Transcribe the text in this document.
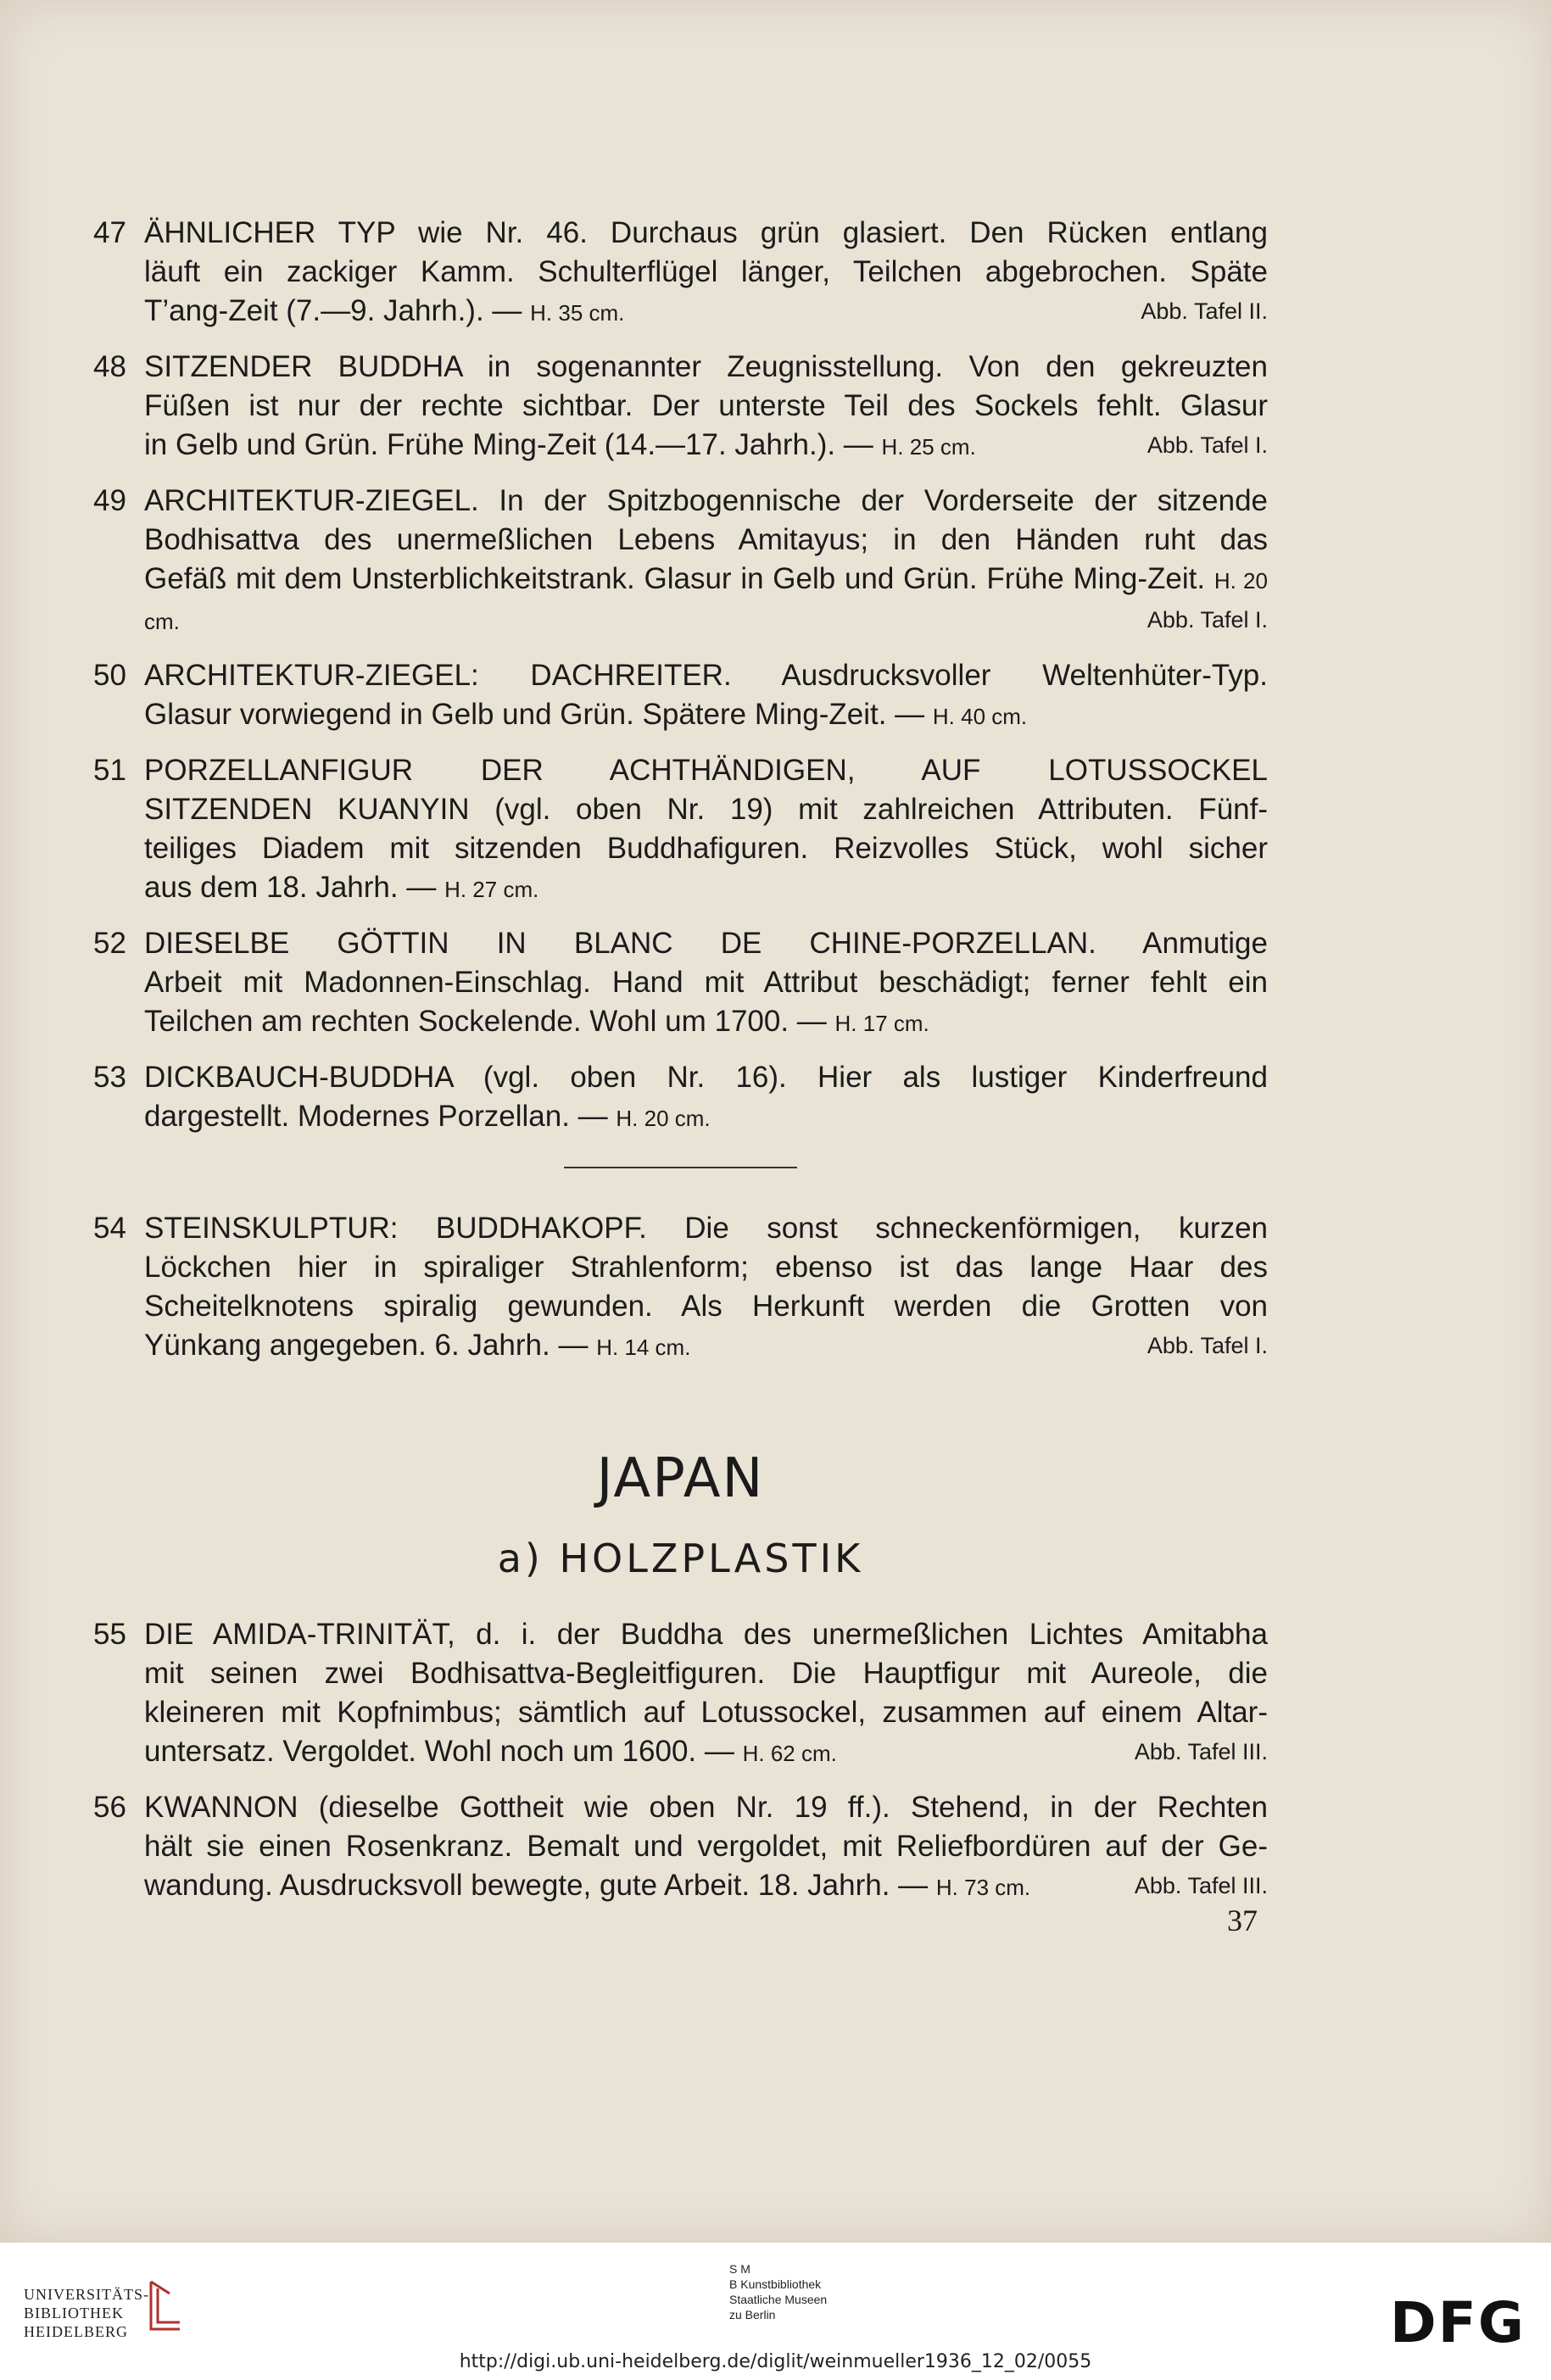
47 ÄHNLICHER TYP wie Nr. 46. Durchaus grün glasiert. Den Rücken entlang
läuft ein zackiger Kamm. Schulterflügel länger, Teilchen abgebrochen. Späte
T’ang-Zeit (7.—9. Jahrh.). — H. 35 cm.	Abb. Tafel II.
48 SITZENDER BUDDHA in sogenannter Zeugnisstellung. Von den gekreuzten
Füßen ist nur der rechte sichtbar. Der unterste Teil des Sockels fehlt. Glasur
in Gelb und Grün. Frühe Ming-Zeit (14.—17. Jahrh.). — H. 25 cm.	Abb. Tafel I.
49 ARCHITEKTUR-ZIEGEL. In der Spitzbogennische der Vorderseite der sitzende
Bodhisattva des unermeßlichen Lebens Amitayus; in den Händen ruht das
Gefäß mit dem Unsterblichkeitstrank. Glasur in Gelb und Grün. Frühe Ming-Zeit. H. 20 cm.	Abb. Tafel I.
50 ARCHITEKTUR-ZIEGEL: DACHREITER. Ausdrucksvoller Weltenhüter-Typ.
Glasur vorwiegend in Gelb und Grün. Spätere Ming-Zeit. — H. 40 cm.
51 PORZELLANFIGUR DER ACHTHÄNDIGEN, AUF LOTUSSOCKEL
SITZENDEN KUANYIN (vgl. oben Nr. 19) mit zahlreichen Attributen. Fünf-
teiliges Diadem mit sitzenden Buddhafiguren. Reizvolles Stück, wohl sicher
aus dem 18. Jahrh. — H. 27 cm.
52 DIESELBE GÖTTIN IN BLANC DE CHINE-PORZELLAN. Anmutige
Arbeit mit Madonnen-Einschlag. Hand mit Attribut beschädigt; ferner fehlt ein
Teilchen am rechten Sockelende. Wohl um 1700. — H. 17 cm.
53 DICKBAUCH-BUDDHA (vgl. oben Nr. 16). Hier als lustiger Kinderfreund
dargestellt. Modernes Porzellan. — H. 20 cm.
54 STEINSKULPTUR: BUDDHAKOPF. Die sonst schneckenförmigen, kurzen
Löckchen hier in spiraliger Strahlenform; ebenso ist das lange Haar des
Scheitelknotens spiralig gewunden. Als Herkunft werden die Grotten von
Yünkang angegeben. 6. Jahrh. — H. 14 cm.	Abb. Tafel I.
JAPAN
a) HOLZPLASTIK
55 DIE AMIDA-TRINITÄT, d. i. der Buddha des unermeßlichen Lichtes Amitabha
mit seinen zwei Bodhisattva-Begleitfiguren. Die Hauptfigur mit Aureole, die
kleineren mit Kopfnimbus; sämtlich auf Lotussockel, zusammen auf einem Altar-
untersatz. Vergoldet. Wohl noch um 1600. — H. 62 cm.	Abb. Tafel III.
56 KWANNON (dieselbe Gottheit wie oben Nr. 19 ff.). Stehend, in der Rechten
hält sie einen Rosenkranz. Bemalt und vergoldet, mit Reliefbordüren auf der Ge-
wandung. Ausdrucksvoll bewegte, gute Arbeit. 18. Jahrh. — H. 73 cm.	Abb. Tafel III.
37
UNIVERSITÄTS-
BIBLIOTHEK
HEIDELBERG
S M
B Kunstbibliothek
Staatliche Museen
zu Berlin	DFG
http://digi.ub.uni-heidelberg.de/diglit/weinmueller1936_12_02/0055
